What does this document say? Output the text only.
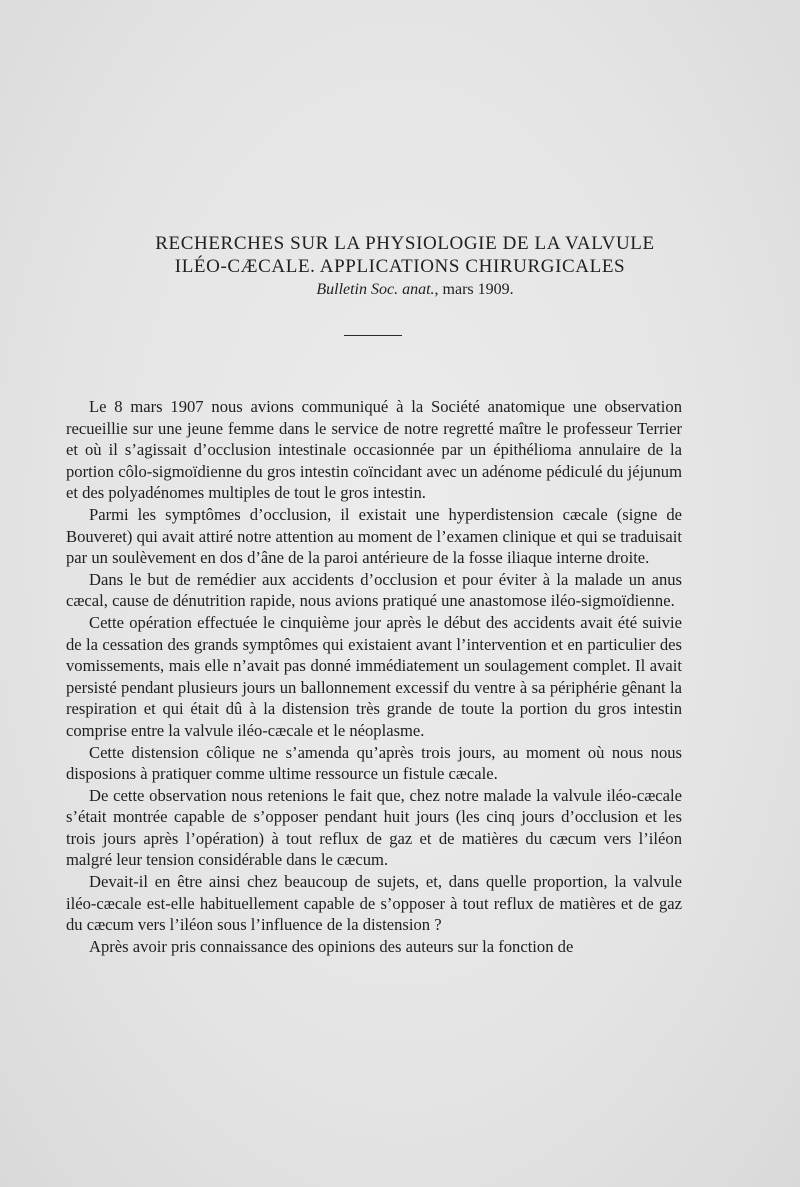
RECHERCHES SUR LA PHYSIOLOGIE DE LA VALVULE

ILÉO-CÆCALE. APPLICATIONS CHIRURGICALES

Bulletin Soc. anat., mars 1909.

Le 8 mars 1907 nous avions communiqué à la Société anatomique une observation recueillie sur une jeune femme dans le service de notre regretté maître le professeur Terrier et où il s’agissait d’occlusion intestinale occasionnée par un épithélioma annulaire de la portion côlo-sigmoïdienne du gros intestin coïncidant avec un adénome pédiculé du jéjunum et des polyadénomes multiples de tout le gros intestin.

Parmi les symptômes d’occlusion, il existait une hyperdistension cæcale (signe de Bouveret) qui avait attiré notre attention au moment de l’examen clinique et qui se traduisait par un soulèvement en dos d’âne de la paroi antérieure de la fosse iliaque interne droite.

Dans le but de remédier aux accidents d’occlusion et pour éviter à la malade un anus cæcal, cause de dénutrition rapide, nous avions pratiqué une anastomose iléo-sigmoïdienne.

Cette opération effectuée le cinquième jour après le début des accidents avait été suivie de la cessation des grands symptômes qui existaient avant l’intervention et en particulier des vomissements, mais elle n’avait pas donné immédiatement un soulagement complet. Il avait persisté pendant plusieurs jours un ballonnement excessif du ventre à sa périphérie gênant la respiration et qui était dû à la distension très grande de toute la portion du gros intestin comprise entre la valvule iléo-cæcale et le néoplasme.

Cette distension côlique ne s’amenda qu’après trois jours, au moment où nous nous disposions à pratiquer comme ultime ressource un fistule cæcale.

De cette observation nous retenions le fait que, chez notre malade la valvule iléo-cæcale s’était montrée capable de s’opposer pendant huit jours (les cinq jours d’occlusion et les trois jours après l’opération) à tout reflux de gaz et de matières du cæcum vers l’iléon malgré leur tension considérable dans le cæcum.

Devait-il en être ainsi chez beaucoup de sujets, et, dans quelle proportion, la valvule iléo-cæcale est-elle habituellement capable de s’opposer à tout reflux de matières et de gaz du cæcum vers l’iléon sous l’influence de la distension ?

Après avoir pris connaissance des opinions des auteurs sur la fonction de
